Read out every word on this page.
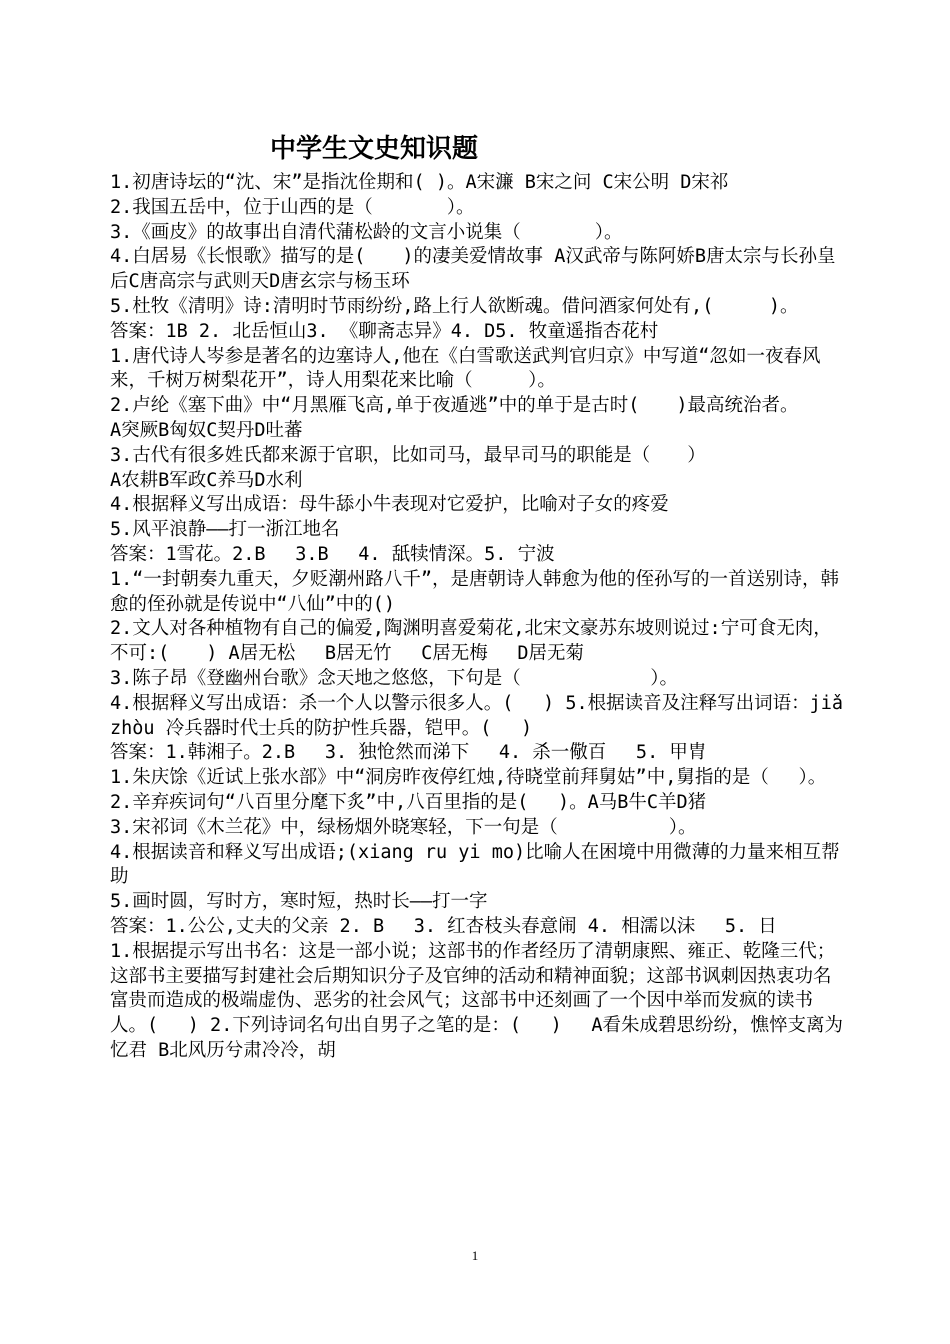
中学生文史知识题
1.初唐诗坛的“沈、宋”是指沈佺期和( )。A宋濂 B宋之问 C宋公明 D宋祁
2.我国五岳中，位于山西的是（　　　　）。
3.《画皮》的故事出自清代蒲松龄的文言小说集（　　　　）。
4.白居易《长恨歌》描写的是(　　)的凄美爱情故事 A汉武帝与陈阿娇B唐太宗与长孙皇后C唐高宗与武则天D唐玄宗与杨玉环
5.杜牧《清明》诗:清明时节雨纷纷,路上行人欲断魂。借问酒家何处有,(　　　)。
答案：1B 2. 北岳恒山3. 《聊斋志异》4. D5. 牧童遥指杏花村
1.唐代诗人岑参是著名的边塞诗人,他在《白雪歌送武判官归京》中写道“忽如一夜春风来，千树万树梨花开”，诗人用梨花来比喻（　　　）。
2.卢纶《塞下曲》中“月黑雁飞高,单于夜遁逃”中的单于是古时(　　)最高统治者。
A突厥B匈奴C契丹D吐蕃
3.古代有很多姓氏都来源于官职，比如司马，最早司马的职能是（　　）
A农耕B军政C养马D水利
4.根据释义写出成语：母牛舔小牛表现对它爱护，比喻对子女的疼爱
5.风平浪静——打一浙江地名
答案：1雪花。2.B　 3.B　 4. 舐犊情深。5. 宁波
1.“一封朝奏九重天，夕贬潮州路八千”，是唐朝诗人韩愈为他的侄孙写的一首送别诗，韩愈的侄孙就是传说中“八仙”中的()
2.文人对各种植物有自己的偏爱,陶渊明喜爱菊花,北宋文豪苏东坡则说过:宁可食无肉，不可:(　　) A居无松　 B居无竹　 C居无梅　 D居无菊
3.陈子昂《登幽州台歌》念天地之悠悠，下句是（　　　　　　　）。
4.根据释义写出成语：杀一个人以警示很多人。(　 ) 5.根据读音及注释写出词语：jiǎ zhòu 冷兵器时代士兵的防护性兵器，铠甲。(　 )
答案：1.韩湘子。2.B　 3. 独怆然而涕下　 4. 杀一儆百　 5. 甲胄
1.朱庆馀《近试上张水部》中“洞房昨夜停红烛,待晓堂前拜舅姑”中,舅指的是（　 ）。
2.辛弃疾词句“八百里分麾下炙”中,八百里指的是(　 )。A马B牛C羊D猪
3.宋祁词《木兰花》中，绿杨烟外晓寒轻，下一句是（　　　　　　）。
4.根据读音和释义写出成语;(xiang ru yi mo)比喻人在困境中用微薄的力量来相互帮助
5.画时圆，写时方，寒时短，热时长——打一字
答案：1.公公,丈夫的父亲 2. B　 3. 红杏枝头春意闹 4. 相濡以沫　 5. 日
1.根据提示写出书名：这是一部小说；这部书的作者经历了清朝康熙、雍正、乾隆三代；这部书主要描写封建社会后期知识分子及官绅的活动和精神面貌；这部书讽刺因热衷功名富贵而造成的极端虚伪、恶劣的社会风气；这部书中还刻画了一个因中举而发疯的读书人。(　 ) 2.下列诗词名句出自男子之笔的是：(　 )　 A看朱成碧思纷纷，憔悴支离为忆君 B北风历兮肃冷冷，胡
1
